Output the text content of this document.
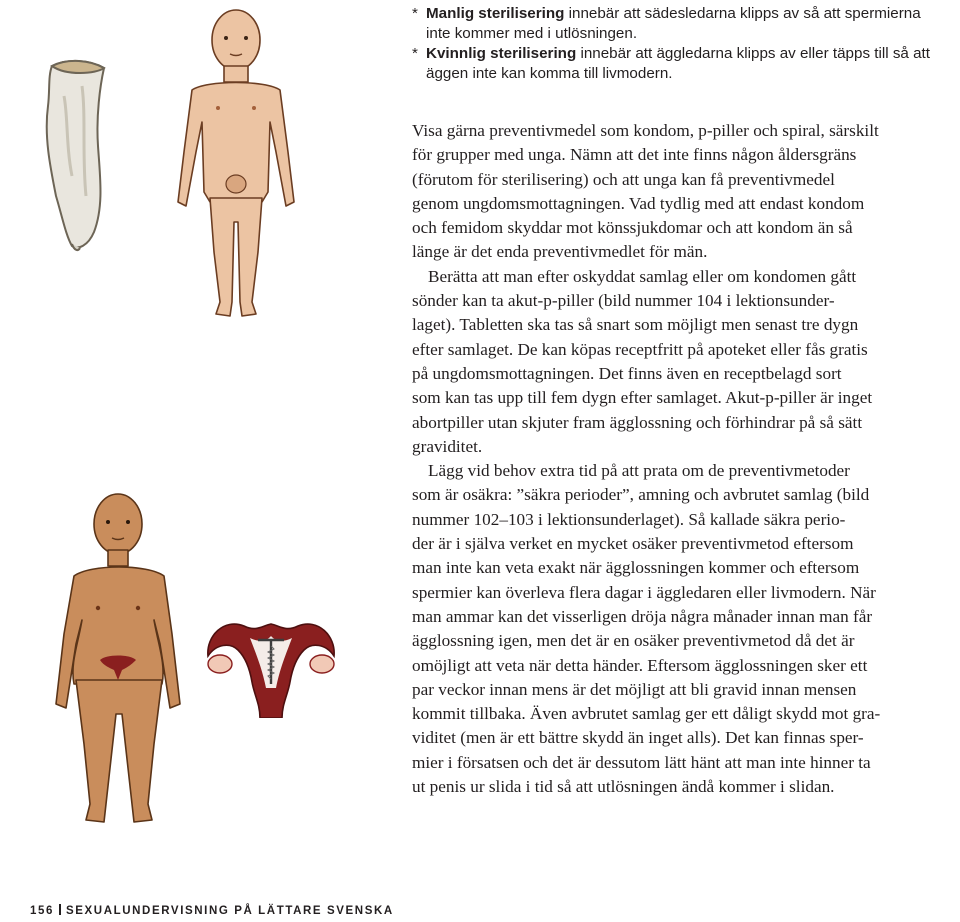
* Manlig sterilisering innebär att sädesledarna klipps av så att spermierna
inte kommer med i utlösningen.
* Kvinnlig sterilisering innebär att äggledarna klipps av eller täpps till så att
äggen inte kan komma till livmodern.
Visa gärna preventivmedel som kondom, p-piller och spiral, särskilt
för grupper med unga. Nämn att det inte finns någon åldersgräns
(förutom för sterilisering) och att unga kan få preventivmedel
genom ungdomsmottagningen. Vad tydlig med att endast kondom
och femidom skyddar mot könssjukdomar och att kondom än så
länge är det enda preventivmedlet för män.
Berätta att man efter oskyddat samlag eller om kondomen gått
sönder kan ta akut-p-piller (bild nummer 104 i lektionsunder-
laget). Tabletten ska tas så snart som möjligt men senast tre dygn
efter samlaget. De kan köpas receptfritt på apoteket eller fås gratis
på ungdomsmottagningen. Det finns även en receptbelagd sort
som kan tas upp till fem dygn efter samlaget. Akut-p-piller är inget
abortpiller utan skjuter fram ägglossning och förhindrar på så sätt
graviditet.
Lägg vid behov extra tid på att prata om de preventivmetoder
som är osäkra: ”säkra perioder”, amning och avbrutet samlag (bild
nummer 102–103 i lektionsunderlaget). Så kallade säkra perio-
der är i själva verket en mycket osäker preventivmetod eftersom
man inte kan veta exakt när ägglossningen kommer och eftersom
spermier kan överleva flera dagar i äggledaren eller livmodern. När
man ammar kan det visserligen dröja några månader innan man får
ägglossning igen, men det är en osäker preventivmetod då det är
omöjligt att veta när detta händer. Eftersom ägglossningen sker ett
par veckor innan mens är det möjligt att bli gravid innan mensen
kommit tillbaka. Även avbrutet samlag ger ett dåligt skydd mot gra-
viditet (men är ett bättre skydd än inget alls). Det kan finnas sper-
mier i försatsen och det är dessutom lätt hänt att man inte hinner ta
ut penis ur slida i tid så att utlösningen ändå kommer i slidan.
156 SEXUALUNDERVISNING PÅ LÄTTARE SVENSKA
